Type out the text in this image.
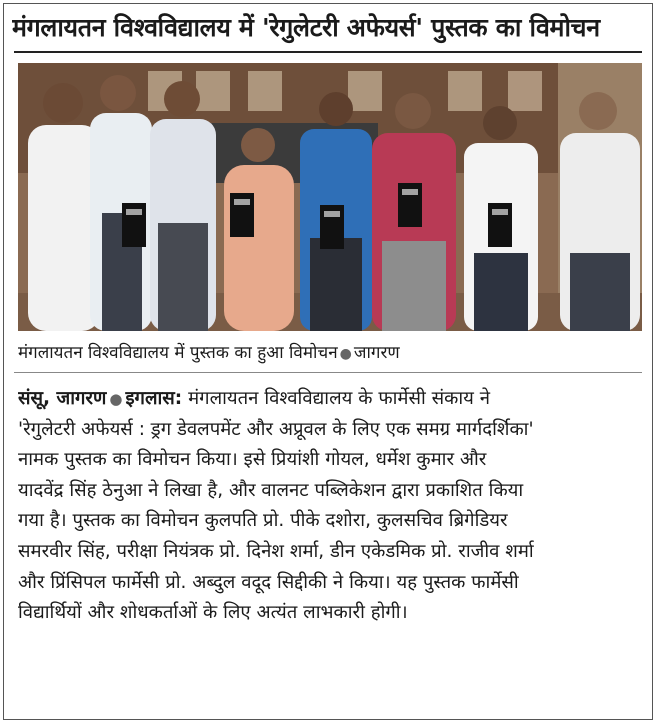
मंगलायतन विश्वविद्यालय में 'रेगुलेटरी अफेयर्स' पुस्तक का विमोचन
मंगलायतन विश्वविद्यालय में पुस्तक का हुआ विमोचन ● जागरण
संसू, जागरण ● इगलास: मंगलायतन विश्वविद्यालय के फार्मेसी संकाय ने
'रेगुलेटरी अफेयर्स : ड्रग डेवलपमेंट और अप्रूवल के लिए एक समग्र मार्गदर्शिका'
नामक पुस्तक का विमोचन किया। इसे प्रियांशी गोयल, धर्मेश कुमार और
यादवेंद्र सिंह ठेनुआ ने लिखा है, और वालनट पब्लिकेशन द्वारा प्रकाशित किया
गया है। पुस्तक का विमोचन कुलपति प्रो. पीके दशोरा, कुलसचिव ब्रिगेडियर
समरवीर सिंह, परीक्षा नियंत्रक प्रो. दिनेश शर्मा, डीन एकेडमिक प्रो. राजीव शर्मा
और प्रिंसिपल फार्मेसी प्रो. अब्दुल वदूद सिद्दीकी ने किया। यह पुस्तक फार्मेसी
विद्यार्थियों और शोधकर्ताओं के लिए अत्यंत लाभकारी होगी।
